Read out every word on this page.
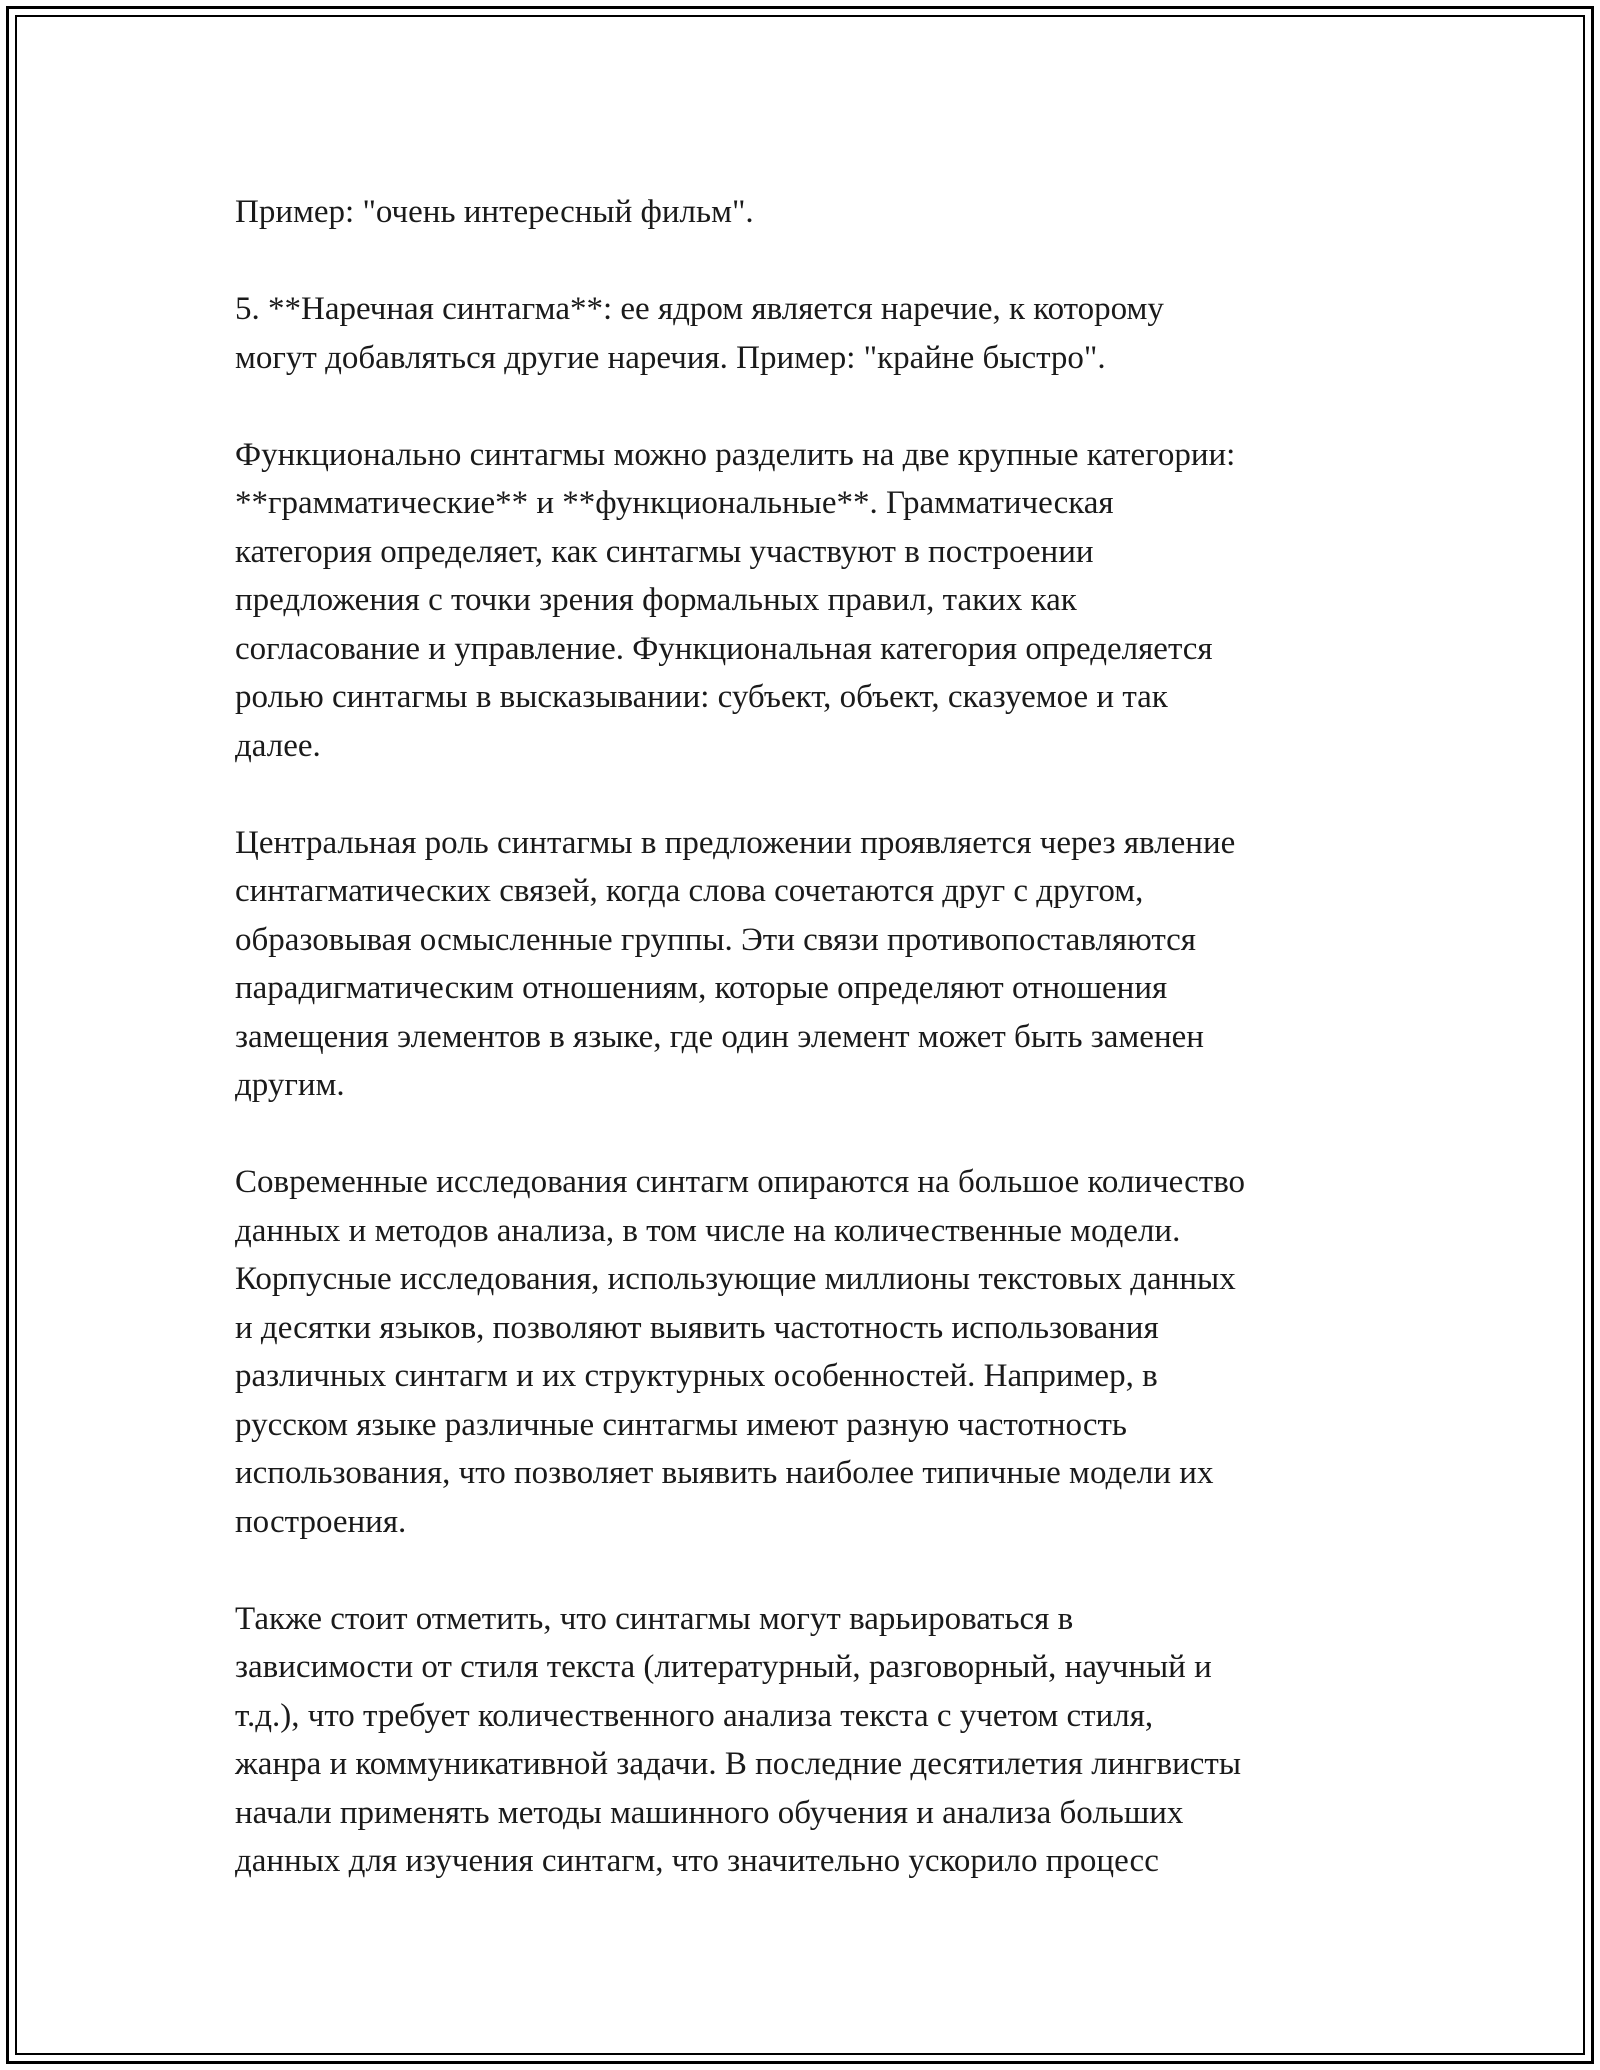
Пример: "очень интересный фильм".

5. **Наречная синтагма**: ее ядром является наречие, к которому
могут добавляться другие наречия. Пример: "крайне быстро".

Функционально синтагмы можно разделить на две крупные категории:
**грамматические** и **функциональные**. Грамматическая
категория определяет, как синтагмы участвуют в построении
предложения с точки зрения формальных правил, таких как
согласование и управление. Функциональная категория определяется
ролью синтагмы в высказывании: субъект, объект, сказуемое и так
далее.

Центральная роль синтагмы в предложении проявляется через явление
синтагматических связей, когда слова сочетаются друг с другом,
образовывая осмысленные группы. Эти связи противопоставляются
парадигматическим отношениям, которые определяют отношения
замещения элементов в языке, где один элемент может быть заменен
другим.

Современные исследования синтагм опираются на большое количество
данных и методов анализа, в том числе на количественные модели.
Корпусные исследования, использующие миллионы текстовых данных
и десятки языков, позволяют выявить частотность использования
различных синтагм и их структурных особенностей. Например, в
русском языке различные синтагмы имеют разную частотность
использования, что позволяет выявить наиболее типичные модели их
построения.

Также стоит отметить, что синтагмы могут варьироваться в
зависимости от стиля текста (литературный, разговорный, научный и
т.д.), что требует количественного анализа текста с учетом стиля,
жанра и коммуникативной задачи. В последние десятилетия лингвисты
начали применять методы машинного обучения и анализа больших
данных для изучения синтагм, что значительно ускорило процесс
